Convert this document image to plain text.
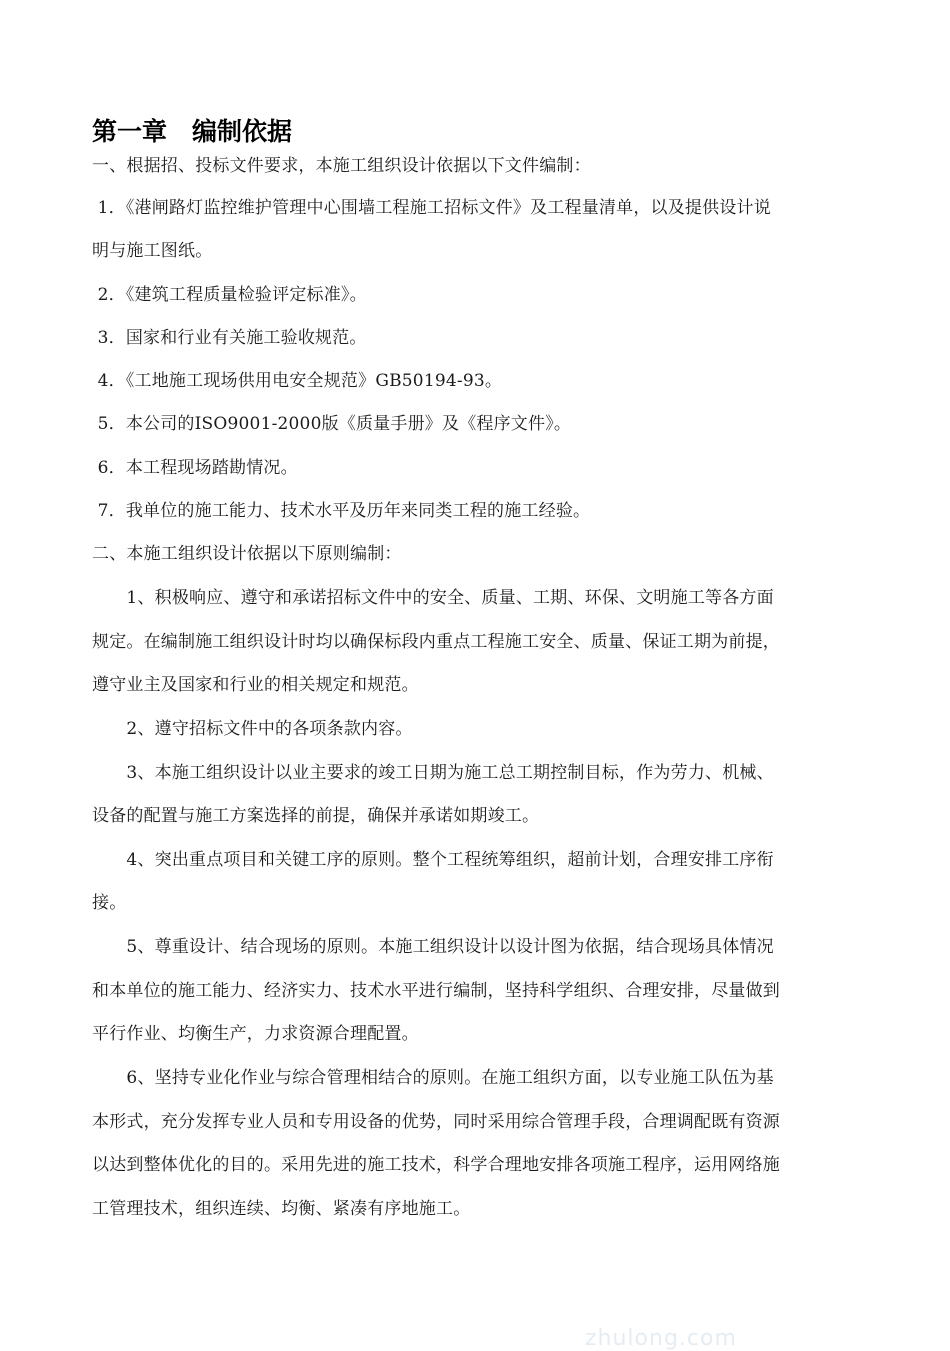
第一章　编制依据
一、根据招、投标文件要求，本施工组织设计依据以下文件编制：
1．《港闸路灯监控维护管理中心围墙工程施工招标文件》及工程量清单，以及提供设计说
明与施工图纸。
2．《建筑工程质量检验评定标准》。
3．国家和行业有关施工验收规范。
4．《工地施工现场供用电安全规范》GB50194-93。
5．本公司的ISO9001-2000版《质量手册》及《程序文件》。
6．本工程现场踏勘情况。
7．我单位的施工能力、技术水平及历年来同类工程的施工经验。
二、本施工组织设计依据以下原则编制：
　　1、积极响应、遵守和承诺招标文件中的安全、质量、工期、环保、文明施工等各方面
规定。在编制施工组织设计时均以确保标段内重点工程施工安全、质量、保证工期为前提，
遵守业主及国家和行业的相关规定和规范。
　　2、遵守招标文件中的各项条款内容。
　　3、本施工组织设计以业主要求的竣工日期为施工总工期控制目标，作为劳力、机械、
设备的配置与施工方案选择的前提，确保并承诺如期竣工。
　　4、突出重点项目和关键工序的原则。整个工程统筹组织，超前计划，合理安排工序衔
接。
　　5、尊重设计、结合现场的原则。本施工组织设计以设计图为依据，结合现场具体情况
和本单位的施工能力、经济实力、技术水平进行编制，坚持科学组织、合理安排，尽量做到
平行作业、均衡生产，力求资源合理配置。
　　6、坚持专业化作业与综合管理相结合的原则。在施工组织方面，以专业施工队伍为基
本形式，充分发挥专业人员和专用设备的优势，同时采用综合管理手段，合理调配既有资源
以达到整体优化的目的。采用先进的施工技术，科学合理地安排各项施工程序，运用网络施
工管理技术，组织连续、均衡、紧凑有序地施工。
zhulong.com
